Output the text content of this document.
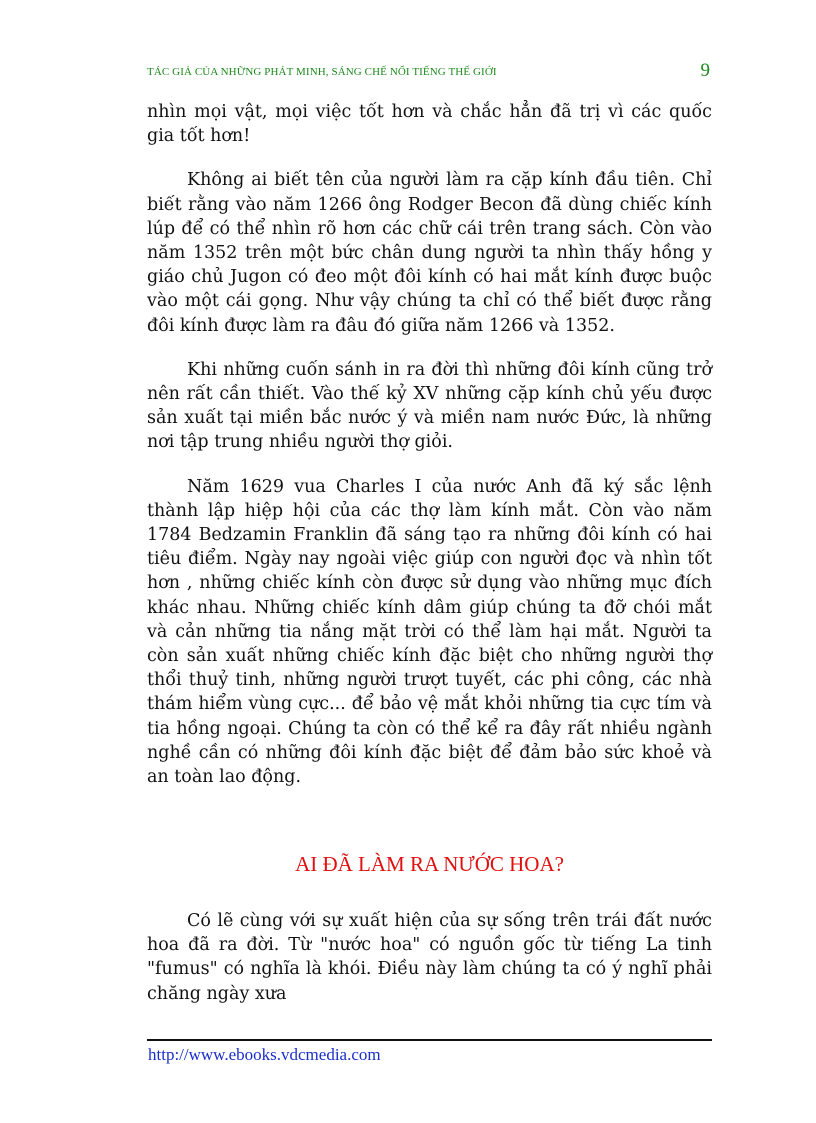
TÁC GIẢ CỦA NHỮNG PHÁT MINH, SÁNG CHẾ NỔI TIẾNG THẾ GIỚI	9

nhìn mọi vật, mọi việc tốt hơn và chắc hẳn đã trị vì các quốc gia tốt hơn!

Không ai biết tên của người làm ra cặp kính đầu tiên. Chỉ biết rằng vào năm 1266 ông Rodger Becon đã dùng chiếc kính lúp để có thể nhìn rõ hơn các chữ cái trên trang sách. Còn vào năm 1352 trên một bức chân dung người ta nhìn thấy hồng y giáo chủ Jugon có đeo một đôi kính có hai mắt kính được buộc vào một cái gọng. Như vậy chúng ta chỉ có thể biết được rằng đôi kính được làm ra đâu đó giữa năm 1266 và 1352.

Khi những cuốn sánh in ra đời thì những đôi kính cũng trở nên rất cần thiết. Vào thế kỷ XV những cặp kính chủ yếu được sản xuất tại miền bắc nước ý và miền nam nước Đức, là những nơi tập trung nhiều người thợ giỏi.

Năm 1629 vua Charles I của nước Anh đã ký sắc lệnh thành lập hiệp hội của các thợ làm kính mắt. Còn vào năm 1784 Bedzamin Franklin đã sáng tạo ra những đôi kính có hai tiêu điểm. Ngày nay ngoài việc giúp con người đọc và nhìn tốt hơn , những chiếc kính còn được sử dụng vào những mục đích khác nhau. Những chiếc kính dâm giúp chúng ta đỡ chói mắt và cản những tia nắng mặt trời có thể làm hại mắt. Người ta còn sản xuất những chiếc kính đặc biệt cho những người thợ thổi thuỷ tinh, những người trượt tuyết, các phi công, các nhà thám hiểm vùng cực... để bảo vệ mắt khỏi những tia cực tím và tia hồng ngoại. Chúng ta còn có thể kể ra đây rất nhiều ngành nghề cần có những đôi kính đặc biệt để đảm bảo sức khoẻ và an toàn lao động.

AI ĐÃ LÀM RA NƯỚC HOA?

Có lẽ cùng với sự xuất hiện của sự sống trên trái đất nước hoa đã ra đời. Từ "nước hoa" có nguồn gốc từ tiếng La tinh "fumus" có nghĩa là khói. Điều này làm chúng ta có ý nghĩ phải chăng ngày xưa

http://www.ebooks.vdcmedia.com
